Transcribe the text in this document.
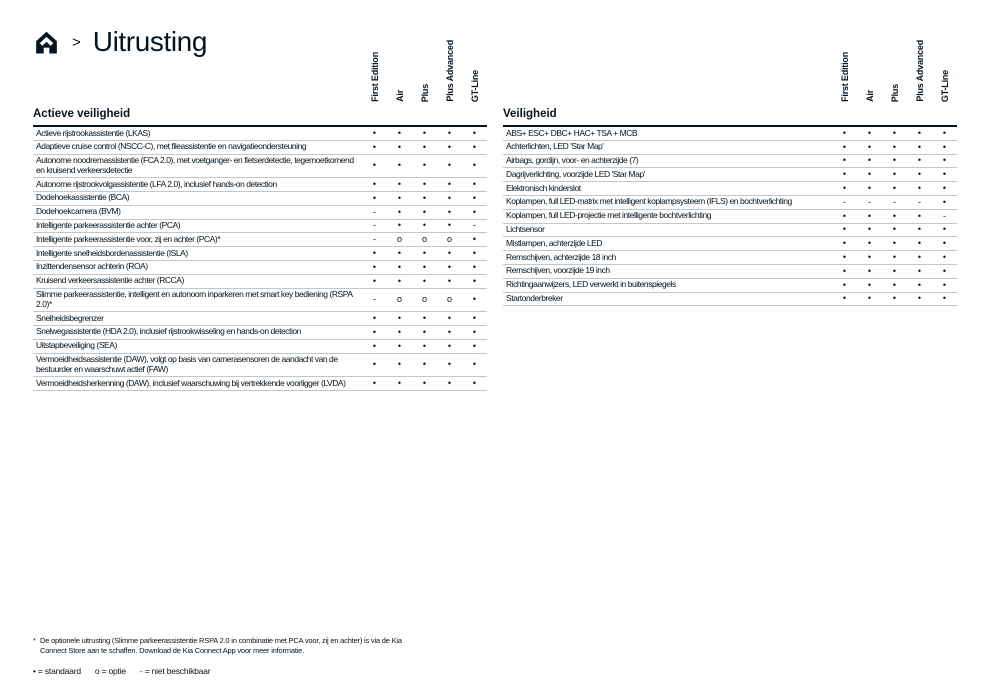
> Uitrusting
First Edition Air Plus Plus Advanced GT-Line
Actieve veiligheid
Actieve rijstrookassistentie (LKAS)	•	•	•	•	•
Adaptieve cruise control (NSCC-C), met fileassistentie en navigatieondersteuning	•	•	•	•	•
Autonome noodremassistentie (FCA 2.0), met voetganger- en fietserdetectie, tegemoetkomend en kruisend verkeersdetectie	•	•	•	•	•
Autonome rijstrookvolgassistentie (LFA 2.0), inclusief hands-on detection	•	•	•	•	•
Dodehoekassistentie (BCA)	•	•	•	•	•
Dodehoekcamera (BVM)	-	•	•	•	•
Intelligente parkeerassistentie achter (PCA)	-	•	•	•	-
Intelligente parkeerassistentie voor, zij en achter (PCA)*	-	o	o	o	•
Intelligente snelheidsbordenassistentie (ISLA)	•	•	•	•	•
Inzittendensensor achterin (ROA)	•	•	•	•	•
Kruisend verkeersassistentie achter (RCCA)	•	•	•	•	•
Slimme parkeerassistentie, intelligent en autonoom inparkeren met smart key bediening (RSPA 2.0)*	-	o	o	o	•
Snelheidsbegrenzer	•	•	•	•	•
Snelwegassistentie (HDA 2.0), inclusief rijstrookwisseling en hands-on detection	•	•	•	•	•
Uitstapbeveiliging (SEA)	•	•	•	•	•
Vermoeidheidsassistentie (DAW), volgt op basis van camerasensoren de aandacht van de bestuurder en waarschuwt actief (FAW)	•	•	•	•	•
Vermoeidheidsherkenning (DAW), inclusief waarschuwing bij vertrekkende voorligger (LVDA)	•	•	•	•	•
First Edition Air Plus Plus Advanced GT-Line
Veiligheid
ABS+ ESC+ DBC+ HAC+ TSA + MCB	•	•	•	•	•
Achterlichten, LED 'Star Map'	•	•	•	•	•
Airbags, gordijn, voor- en achterzijde (7)	•	•	•	•	•
Dagrijverlichting, voorzijde LED 'Star Map'	•	•	•	•	•
Elektronisch kinderslot	•	•	•	•	•
Koplampen, full LED-matrix met intelligent koplampsysteem (IFLS) en bochtverlichting	-	-	-	-	•
Koplampen, full LED-projectie met intelligente bochtverlichting	•	•	•	•	-
Lichtsensor	•	•	•	•	•
Mistlampen, achterzijde LED	•	•	•	•	•
Remschijven, achterzijde 18 inch	•	•	•	•	•
Remschijven, voorzijde 19 inch	•	•	•	•	•
Richtingaanwijzers, LED verwerkt in buitenspiegels	•	•	•	•	•
Startonderbreker	•	•	•	•	•
* De optionele uitrusting (Slimme parkeerassistentie RSPA 2.0 in combinatie met PCA voor, zij en achter) is via de Kia Connect Store aan te schaffen. Download de Kia Connect App voor meer informatie.
• = standaard o = optie - = niet beschikbaar
